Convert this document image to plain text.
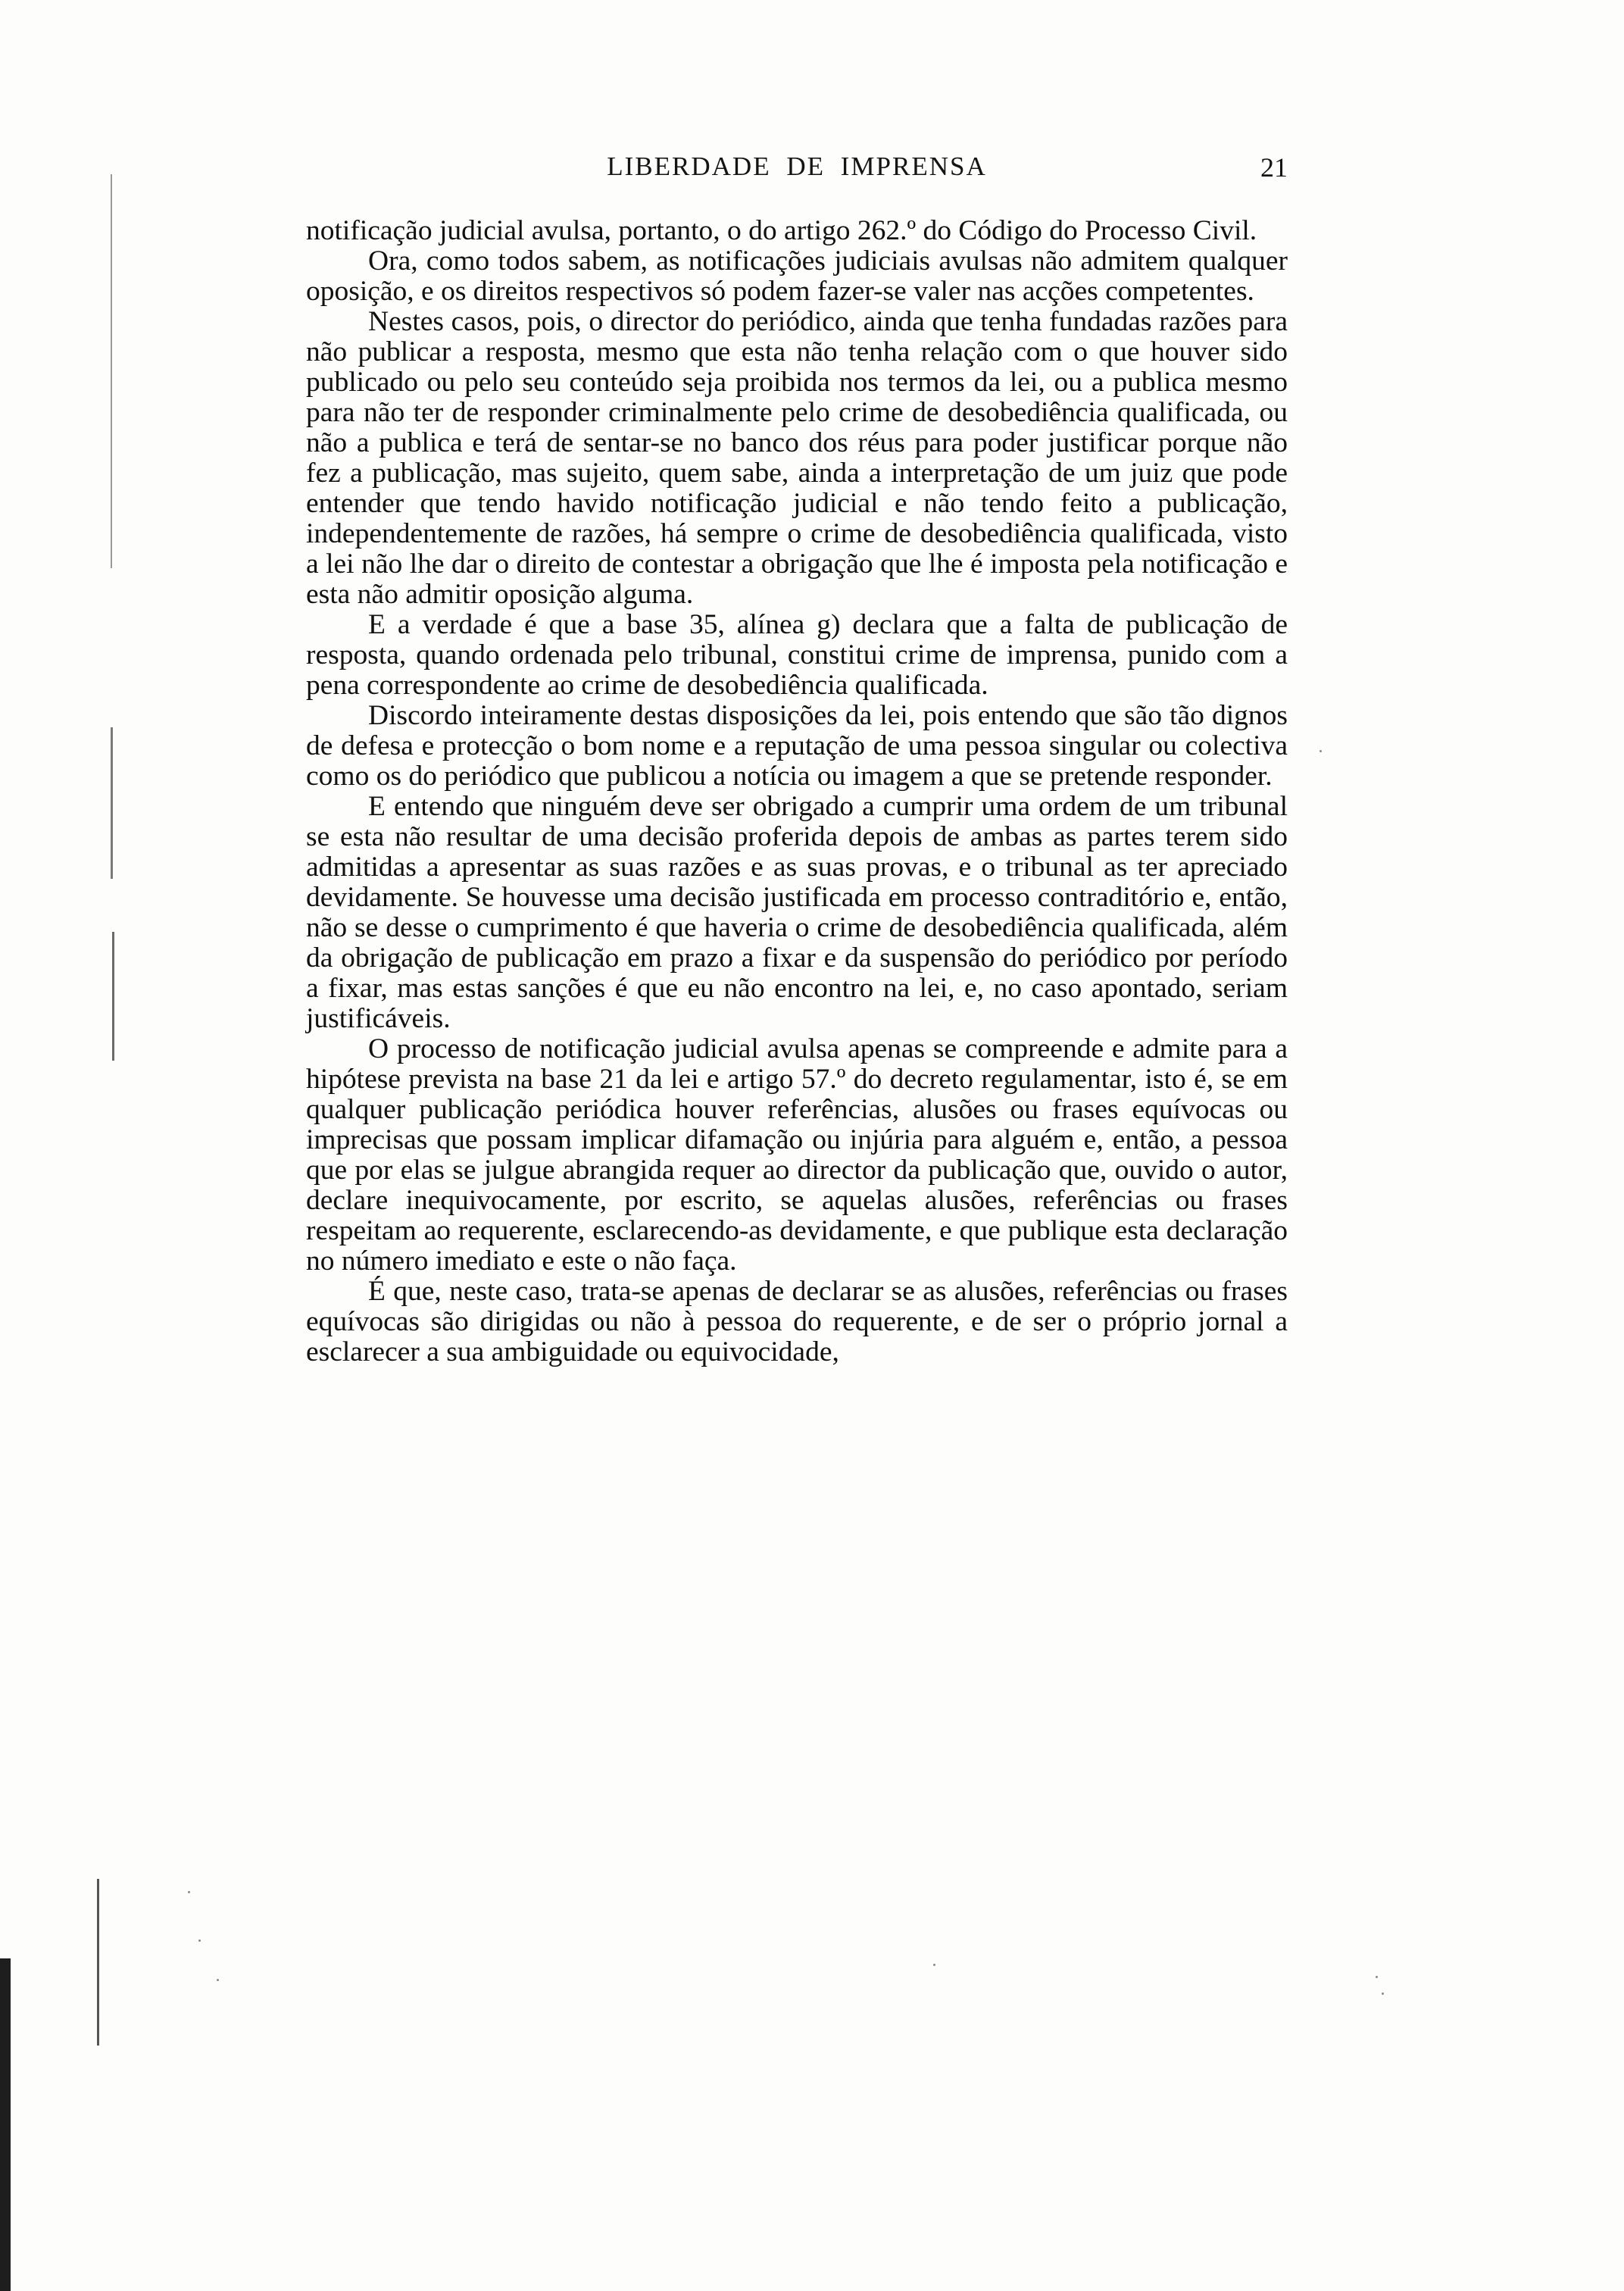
LIBERDADE DE IMPRENSA	21

notificação judicial avulsa, portanto, o do artigo 262.º do Código do Processo Civil.

Ora, como todos sabem, as notificações judiciais avulsas não admitem qualquer oposição, e os direitos respectivos só podem fazer-se valer nas acções competentes.

Nestes casos, pois, o director do periódico, ainda que tenha fundadas razões para não publicar a resposta, mesmo que esta não tenha relação com o que houver sido publicado ou pelo seu conteúdo seja proibida nos termos da lei, ou a publica mesmo para não ter de responder criminalmente pelo crime de desobediência qualificada, ou não a publica e terá de sentar-se no banco dos réus para poder justificar porque não fez a publicação, mas sujeito, quem sabe, ainda a interpretação de um juiz que pode entender que tendo havido notificação judicial e não tendo feito a publicação, independentemente de razões, há sempre o crime de desobediência qualificada, visto a lei não lhe dar o direito de contestar a obrigação que lhe é imposta pela notificação e esta não admitir oposição alguma.

E a verdade é que a base 35, alínea g) declara que a falta de publicação de resposta, quando ordenada pelo tribunal, constitui crime de imprensa, punido com a pena correspondente ao crime de desobediência qualificada.

Discordo inteiramente destas disposições da lei, pois entendo que são tão dignos de defesa e protecção o bom nome e a reputação de uma pessoa singular ou colectiva como os do periódico que publicou a notícia ou imagem a que se pretende responder.

E entendo que ninguém deve ser obrigado a cumprir uma ordem de um tribunal se esta não resultar de uma decisão proferida depois de ambas as partes terem sido admitidas a apresentar as suas razões e as suas provas, e o tribunal as ter apreciado devidamente. Se houvesse uma decisão justificada em processo contraditório e, então, não se desse o cumprimento é que haveria o crime de desobediência qualificada, além da obrigação de publicação em prazo a fixar e da suspensão do periódico por período a fixar, mas estas sanções é que eu não encontro na lei, e, no caso apontado, seriam justificáveis.

O processo de notificação judicial avulsa apenas se compreende e admite para a hipótese prevista na base 21 da lei e artigo 57.º do decreto regulamentar, isto é, se em qualquer publicação periódica houver referências, alusões ou frases equívocas ou imprecisas que possam implicar difamação ou injúria para alguém e, então, a pessoa que por elas se julgue abrangida requer ao director da publicação que, ouvido o autor, declare inequivocamente, por escrito, se aquelas alusões, referências ou frases respeitam ao requerente, esclarecendo-as devidamente, e que publique esta declaração no número imediato e este o não faça.

É que, neste caso, trata-se apenas de declarar se as alusões, referências ou frases equívocas são dirigidas ou não à pessoa do requerente, e de ser o próprio jornal a esclarecer a sua ambiguidade ou equivocidade,
